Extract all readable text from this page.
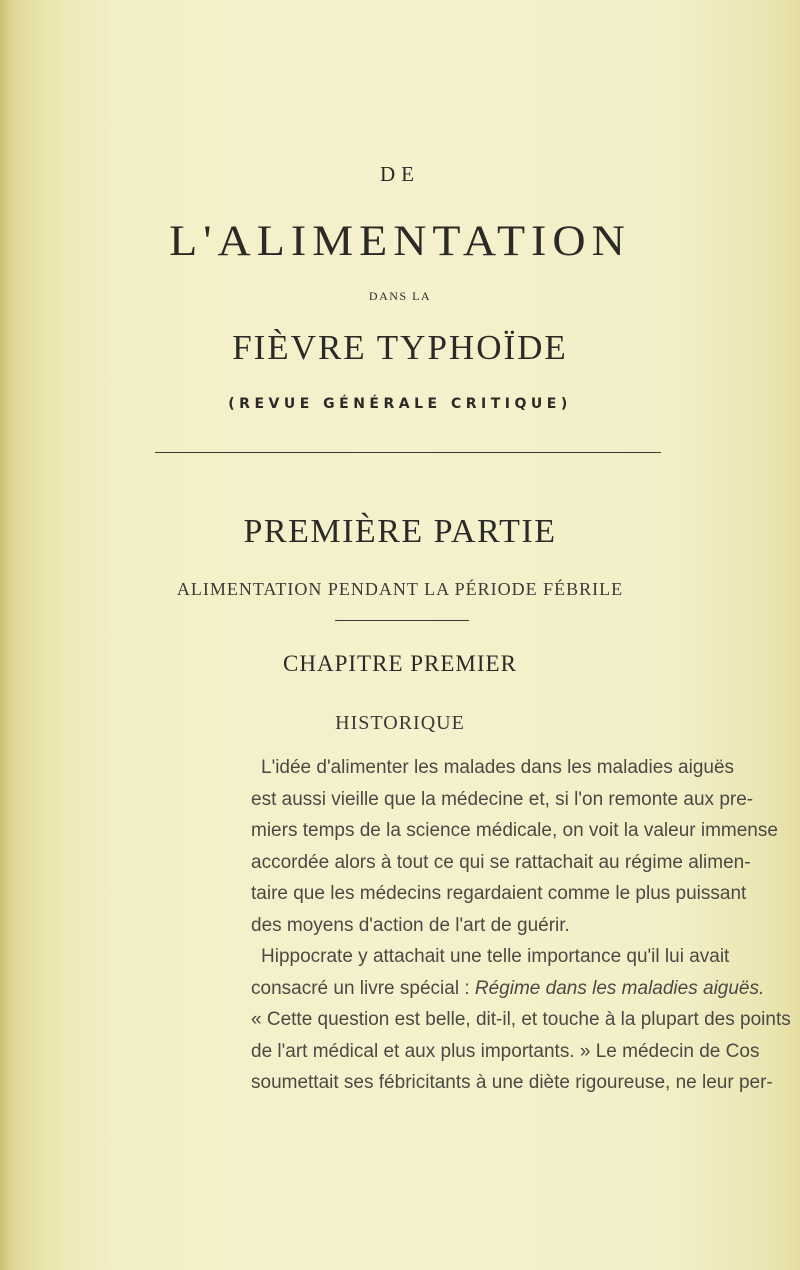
DE
L'ALIMENTATION
DANS LA
FIÈVRE TYPHOÏDE
(REVUE GÉNÉRALE CRITIQUE)
PREMIÈRE PARTIE
ALIMENTATION PENDANT LA PÉRIODE FÉBRILE
CHAPITRE PREMIER
HISTORIQUE
L'idée d'alimenter les malades dans les maladies aiguës
est aussi vieille que la médecine et, si l'on remonte aux pre-
miers temps de la science médicale, on voit la valeur immense
accordée alors à tout ce qui se rattachait au régime alimen-
taire que les médecins regardaient comme le plus puissant
des moyens d'action de l'art de guérir.
Hippocrate y attachait une telle importance qu'il lui avait
consacré un livre spécial : Régime dans les maladies aiguës.
« Cette question est belle, dit-il, et touche à la plupart des points
de l'art médical et aux plus importants. » Le médecin de Cos
soumettait ses fébricitants à une diète rigoureuse, ne leur per-
